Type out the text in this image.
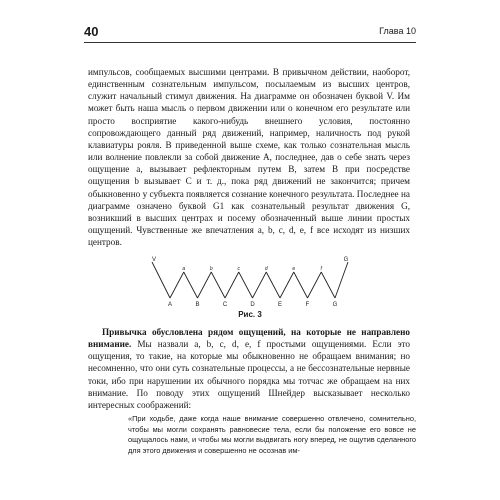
40	Глава 10

импульсов, сообщаемых высшими центрами. В привычном действии, наоборот, единственным сознательным импульсом, посылаемым из высших центров, служит начальный стимул движения. На диаграмме он обозначен буквой V. Им может быть наша мысль о первом движении или о конечном его результате или просто восприятие какого-нибудь внешнего условия, постоянно сопровождающего данный ряд движений, например, наличность под рукой клавиатуры рояля. В приведенной выше схеме, как только сознательная мысль или волнение повлекли за собой движение A, последнее, дав о себе знать через ощущение a, вызывает рефлекторным путем B, затем B при посредстве ощущения b вызывает C и т. д., пока ряд движений не закончится; причем обыкновенно у субъекта появляется сознание конечного результата. Последнее на диаграмме означено буквой G1 как сознательный результат движения G, возникший в высших центрах и посему обозначенный выше линии простых ощущений. Чувственные же впечатления a, b, c, d, e, f все исходят из низших центров.

V	G
A	B	C	D	E	F	G
a	b	c	d	e	f
Рис. 3

Привычка обусловлена рядом ощущений, на которые не направлено внимание. Мы назвали a, b, c, d, e, f простыми ощущениями. Если это ощущения, то такие, на которые мы обыкновенно не обращаем внимания; но несомненно, что они суть сознательные процессы, а не бессознательные нервные токи, ибо при нарушении их обычного порядка мы тотчас же обращаем на них внимание. По поводу этих ощущений Шнейдер высказывает несколько интересных соображений:

«При ходьбе, даже когда наше внимание совершенно отвлечено, сомнительно, чтобы мы могли сохранять равновесие тела, если бы положение его вовсе не ощущалось нами, и чтобы мы могли выдвигать ногу вперед, не ощутив сделанного для этого движения и совершенно не осознав им-
